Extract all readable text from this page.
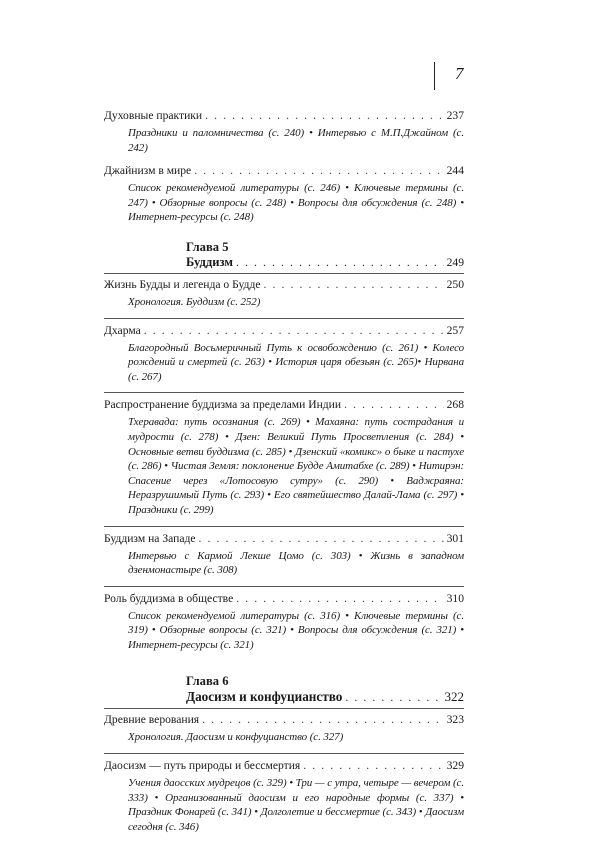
7
Духовные практики . . .	237
Праздники и паломничества (с. 240) • Интервью с М.П.Джайном (с. 242)
Джайнизм в мире . . .	244
Список рекомендуемой литературы (с. 246) • Ключевые термины (с. 247) • Обзорные вопросы (с. 248) • Вопросы для обсуждения (с. 248) • Интернет-ресурсы (с. 248)
Глава 5
Буддизм . . .	249
Жизнь Будды и легенда о Будде . . .	250
Хронология. Буддизм (с. 252)
Дхарма . . .	257
Благородный Восьмеричный Путь к освобождению (с. 261) • Колесо рождений и смертей (с. 263) • История царя обезьян (с. 265)• Нирвана (с. 267)
Распространение буддизма за пределами Индии . . .	268
Тхеравада: путь осознания (с. 269) • Махаяна: путь сострадания и мудрости (с. 278) • Дзен: Великий Путь Просветления (с. 284) • Основные ветви буддизма (с. 285) • Дзенский «комикс» о быке и пастухе (с. 286) • Чистая Земля: поклонение Будде Амитабхе (с. 289) • Нитирэн: Спасение через «Лотосовую сутру» (с. 290) • Ваджраяна: Неразрушимый Путь (с. 293) • Его святейшество Далай-Лама (с. 297) • Праздники (с. 299)
Буддизм на Западе . . .	301
Интервью с Кармой Лекше Цомо (с. 303) • Жизнь в западном дзенмонастыре (с. 308)
Роль буддизма в обществе . . .	310
Список рекомендуемой литературы (с. 316) • Ключевые термины (с. 319) • Обзорные вопросы (с. 321) • Вопросы для обсуждения (с. 321) • Интернет-ресурсы (с. 321)
Глава 6
Даосизм и конфуцианство . . .	322
Древние верования . . .	323
Хронология. Даосизм и конфуцианство (с. 327)
Даосизм — путь природы и бессмертия . . .	329
Учения даосских мудрецов (с. 329) • Три — с утра, четыре — вечером (с. 333) • Организованный даосизм и его народные формы (с. 337) • Праздник Фонарей (с. 341) • Долголетие и бессмертие (с. 343) • Даосизм сегодня (с. 346)
